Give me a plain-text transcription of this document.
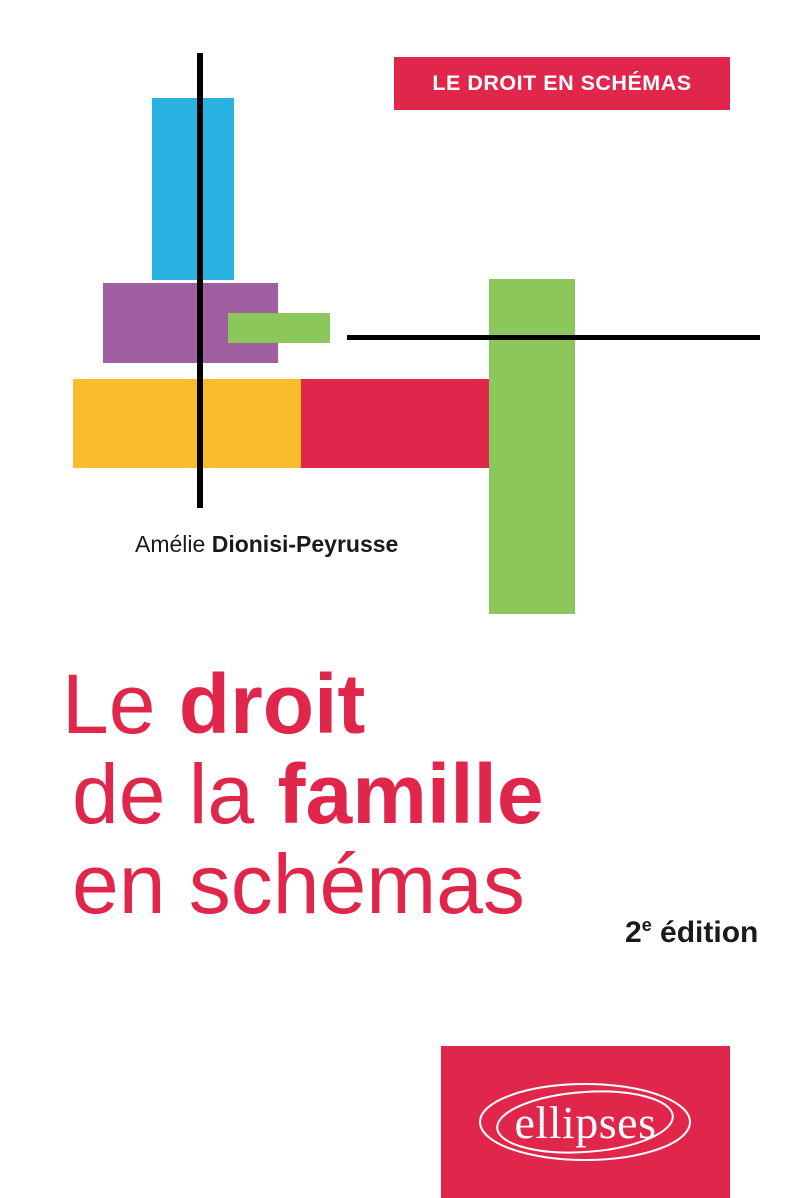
LE DROIT EN SCHÉMAS
Amélie Dionisi-Peyrusse
Le droit
de la famille
en schémas
2e édition
ellipses
